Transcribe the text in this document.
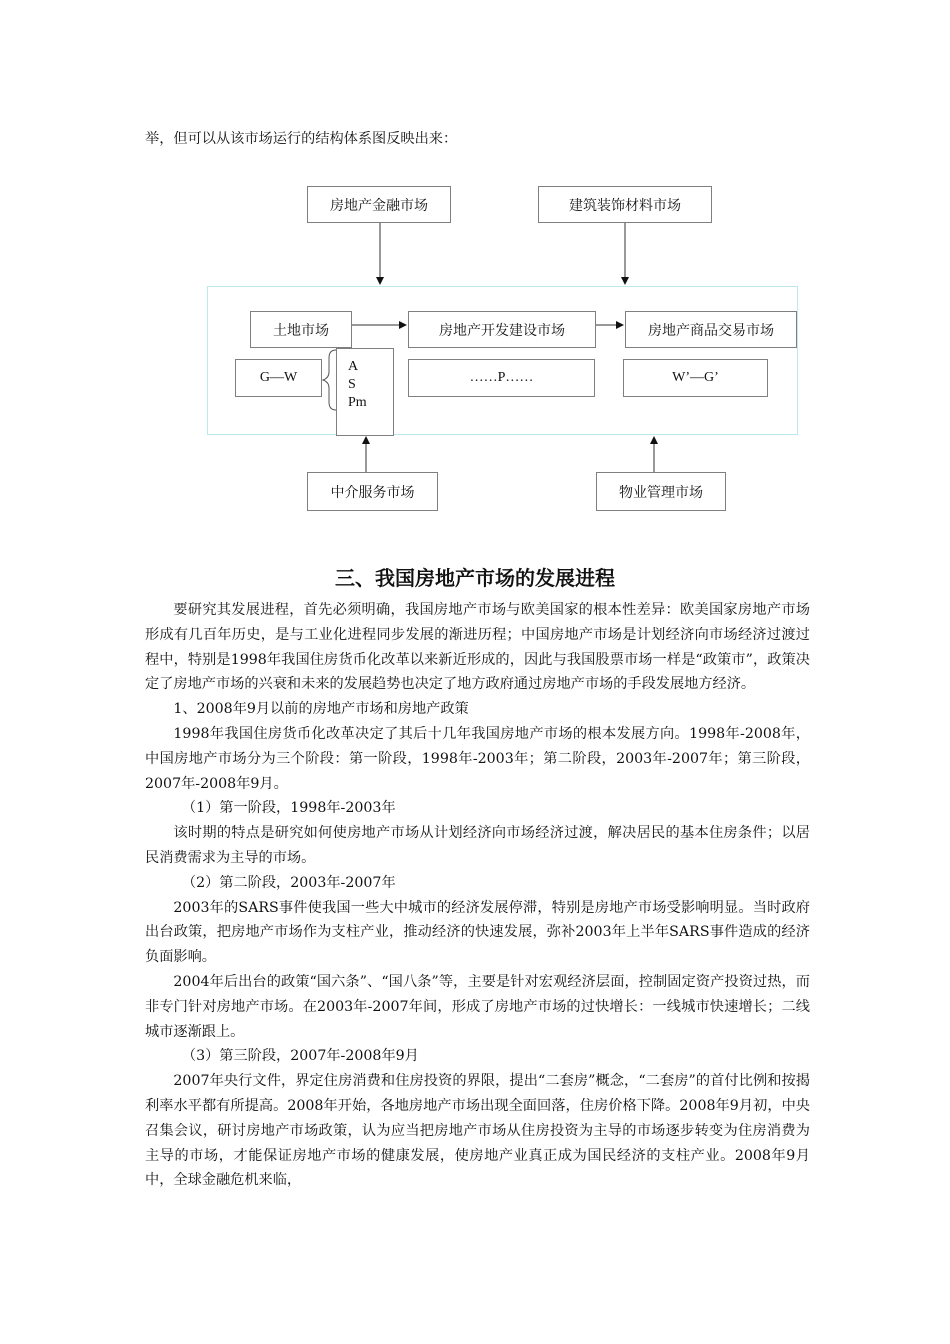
举，但可以从该市场运行的结构体系图反映出来：

房地产金融市场	建筑装饰材料市场
土地市场	房地产开发建设市场	房地产商品交易市场
G—W
A
S
Pm
……P……	W’—G’
中介服务市场	物业管理市场
三、我国房地产市场的发展进程

要研究其发展进程，首先必须明确，我国房地产市场与欧美国家的根本性差异：欧美国家房地产市场形成有几百年历史，是与工业化进程同步发展的渐进历程；中国房地产市场是计划经济向市场经济过渡过程中，特别是1998年我国住房货币化改革以来新近形成的，因此与我国股票市场一样是“政策市”，政策决定了房地产市场的兴衰和未来的发展趋势也决定了地方政府通过房地产市场的手段发展地方经济。

1、2008年9月以前的房地产市场和房地产政策

1998年我国住房货币化改革决定了其后十几年我国房地产市场的根本发展方向。1998年-2008年，中国房地产市场分为三个阶段：第一阶段，1998年-2003年；第二阶段，2003年-2007年；第三阶段，2007年-2008年9月。

（1）第一阶段，1998年-2003年

该时期的特点是研究如何使房地产市场从计划经济向市场经济过渡，解决居民的基本住房条件；以居民消费需求为主导的市场。

（2）第二阶段，2003年-2007年

2003年的SARS事件使我国一些大中城市的经济发展停滞，特别是房地产市场受影响明显。当时政府出台政策，把房地产市场作为支柱产业，推动经济的快速发展，弥补2003年上半年SARS事件造成的经济负面影响。

2004年后出台的政策“国六条”、“国八条”等，主要是针对宏观经济层面，控制固定资产投资过热，而非专门针对房地产市场。在2003年-2007年间，形成了房地产市场的过快增长：一线城市快速增长；二线城市逐渐跟上。

（3）第三阶段，2007年-2008年9月

2007年央行文件，界定住房消费和住房投资的界限，提出“二套房”概念，“二套房”的首付比例和按揭利率水平都有所提高。2008年开始，各地房地产市场出现全面回落，住房价格下降。2008年9月初，中央召集会议，研讨房地产市场政策，认为应当把房地产市场从住房投资为主导的市场逐步转变为住房消费为主导的市场，才能保证房地产市场的健康发展，使房地产业真正成为国民经济的支柱产业。2008年9月中，全球金融危机来临，
